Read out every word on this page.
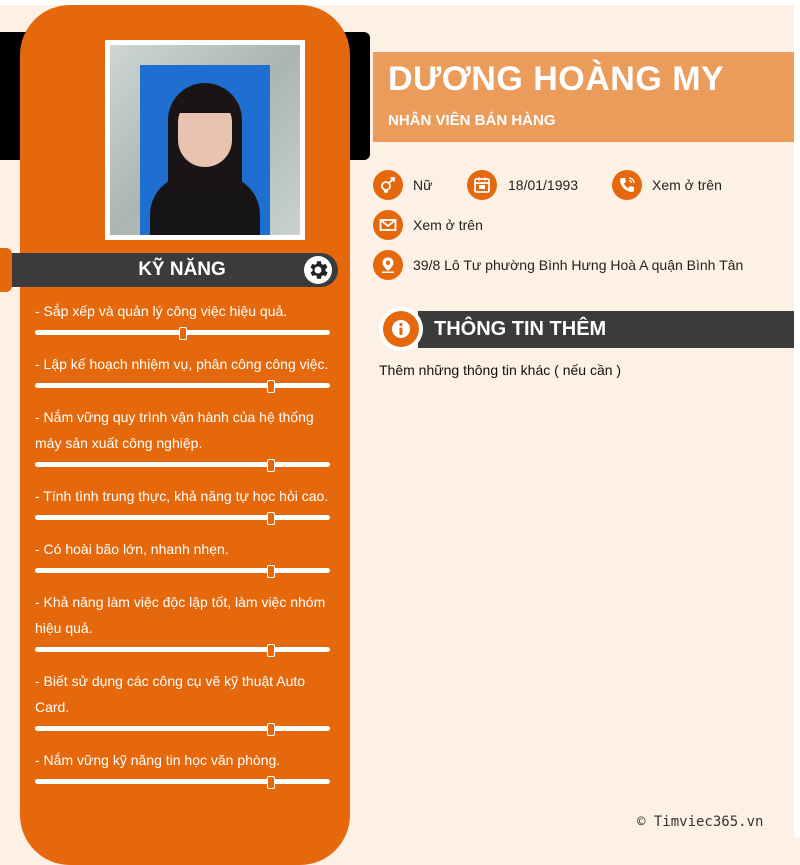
KỸ NĂNG
- Sắp xếp và quản lý công việc hiệu quả.
- Lập kế hoạch nhiệm vụ, phân công công việc.
- Nắm vững quy trình vận hành của hệ thống máy sản xuất công nghiệp.
- Tính tình trung thực, khả năng tự học hỏi cao.
- Có hoài bão lớn, nhanh nhẹn.
- Khả năng làm việc độc lập tốt, làm việc nhóm hiệu quả.
- Biết sử dụng các công cụ vẽ kỹ thuật Auto Card.
- Nắm vững kỹ năng tin học văn phòng.
DƯƠNG HOÀNG MY
NHÂN VIÊN BÁN HÀNG
Nữ	18/01/1993	Xem ở trên
Xem ở trên
39/8 Lô Tư phường Bình Hưng Hoà A quận Bình Tân
THÔNG TIN THÊM
Thêm những thông tin khác ( nếu cần )
© Timviec365.vn
